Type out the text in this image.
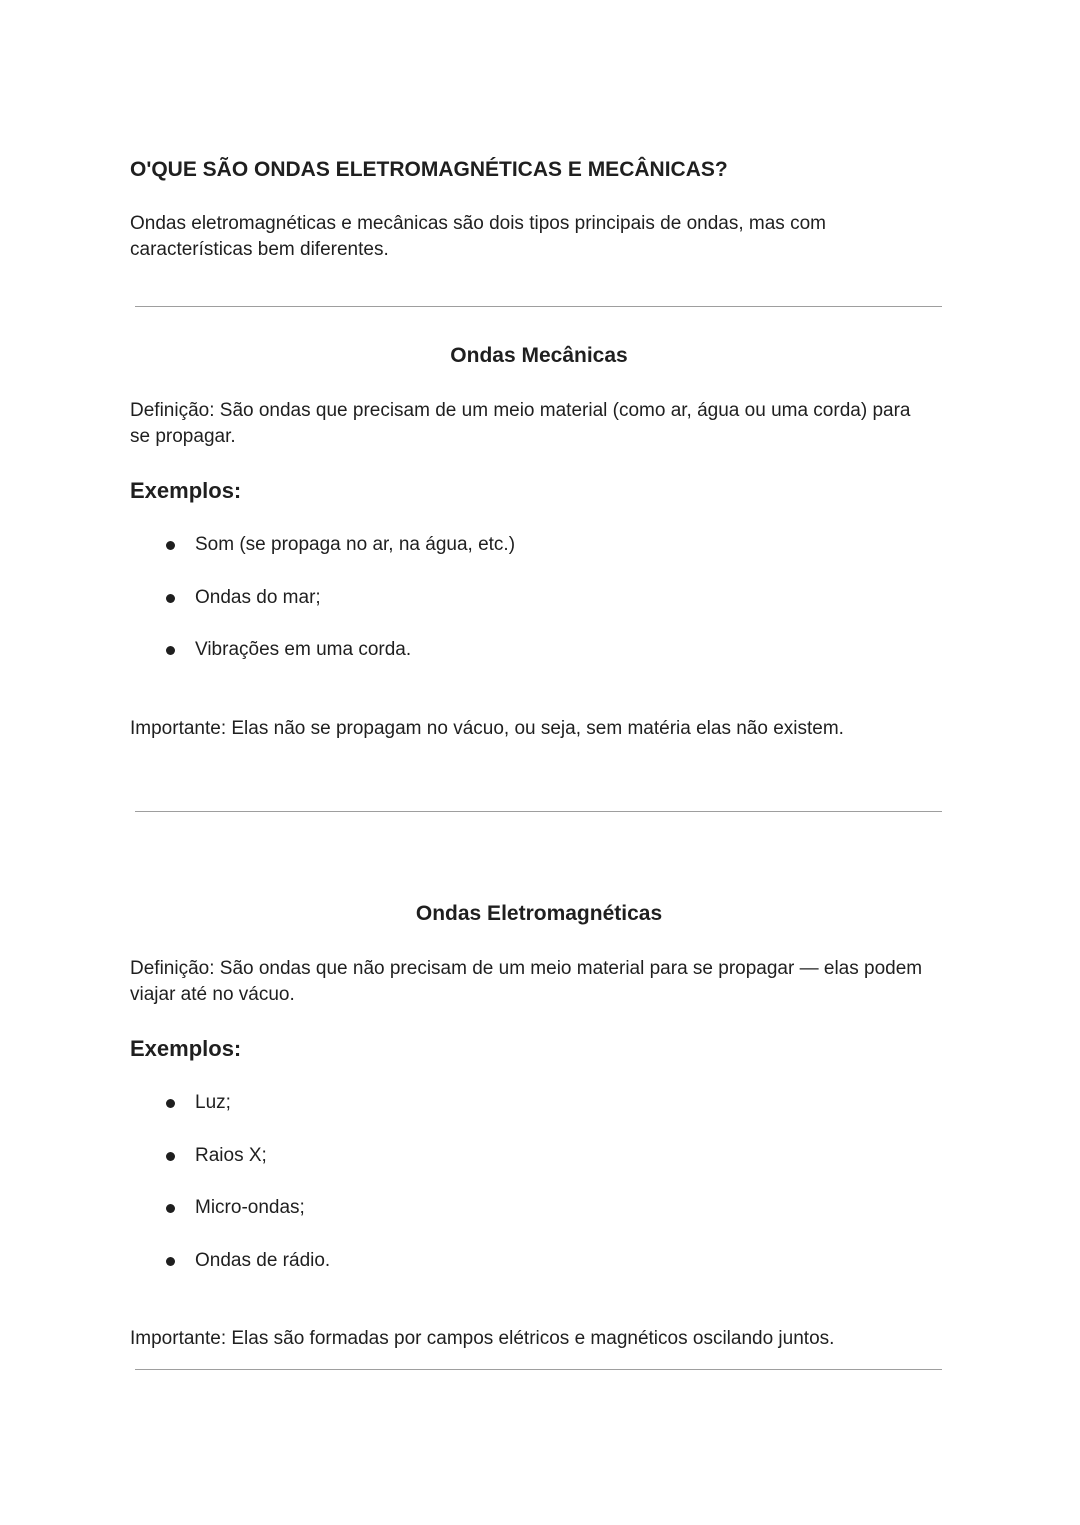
O'QUE SÃO ONDAS ELETROMAGNÉTICAS E MECÂNICAS?

Ondas eletromagnéticas e mecânicas são dois tipos principais de ondas, mas com características bem diferentes.

Ondas Mecânicas

Definição: São ondas que precisam de um meio material (como ar, água ou uma corda) para se propagar.

Exemplos:
Som (se propaga no ar, na água, etc.)
Ondas do mar;
Vibrações em uma corda.

Importante: Elas não se propagam no vácuo, ou seja, sem matéria elas não existem.

Ondas Eletromagnéticas

Definição: São ondas que não precisam de um meio material para se propagar — elas podem viajar até no vácuo.

Exemplos:
Luz;
Raios X;
Micro-ondas;
Ondas de rádio.

Importante: Elas são formadas por campos elétricos e magnéticos oscilando juntos.
